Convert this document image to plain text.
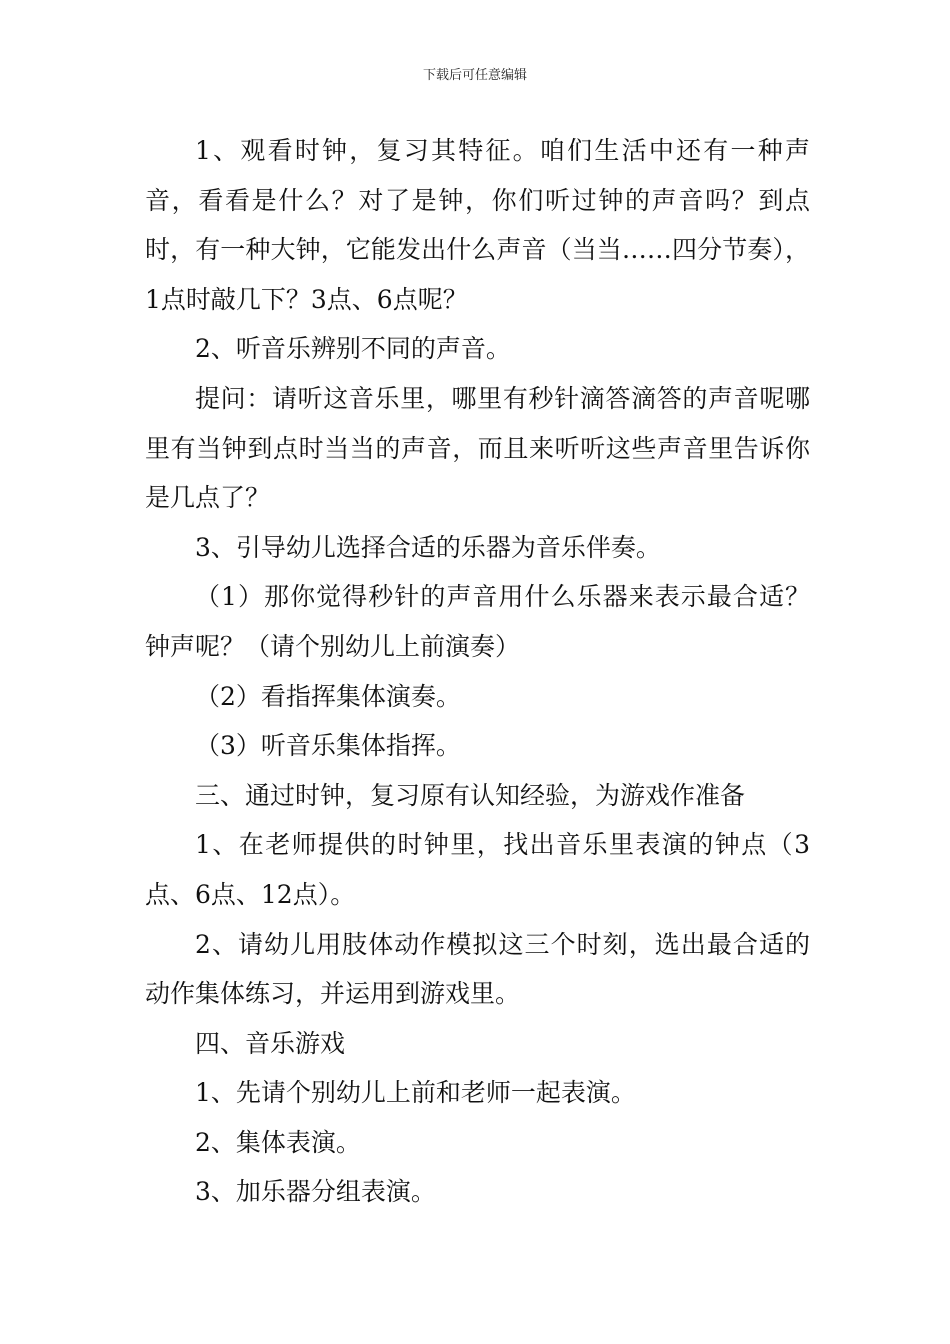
下载后可任意编辑

1、观看时钟，复习其特征。咱们生活中还有一种声音，看看是什么？对了是钟，你们听过钟的声音吗？到点时，有一种大钟，它能发出什么声音（当当……四分节奏），1点时敲几下？3点、6点呢？

2、听音乐辨别不同的声音。

提问：请听这音乐里，哪里有秒针滴答滴答的声音呢哪里有当钟到点时当当的声音，而且来听听这些声音里告诉你是几点了？

3、引导幼儿选择合适的乐器为音乐伴奏。

（1）那你觉得秒针的声音用什么乐器来表示最合适？钟声呢？（请个别幼儿上前演奏）

（2）看指挥集体演奏。

（3）听音乐集体指挥。

三、通过时钟，复习原有认知经验，为游戏作准备

1、在老师提供的时钟里，找出音乐里表演的钟点（3点、6点、12点）。

2、请幼儿用肢体动作模拟这三个时刻，选出最合适的动作集体练习，并运用到游戏里。

四、音乐游戏

1、先请个别幼儿上前和老师一起表演。

2、集体表演。

3、加乐器分组表演。
